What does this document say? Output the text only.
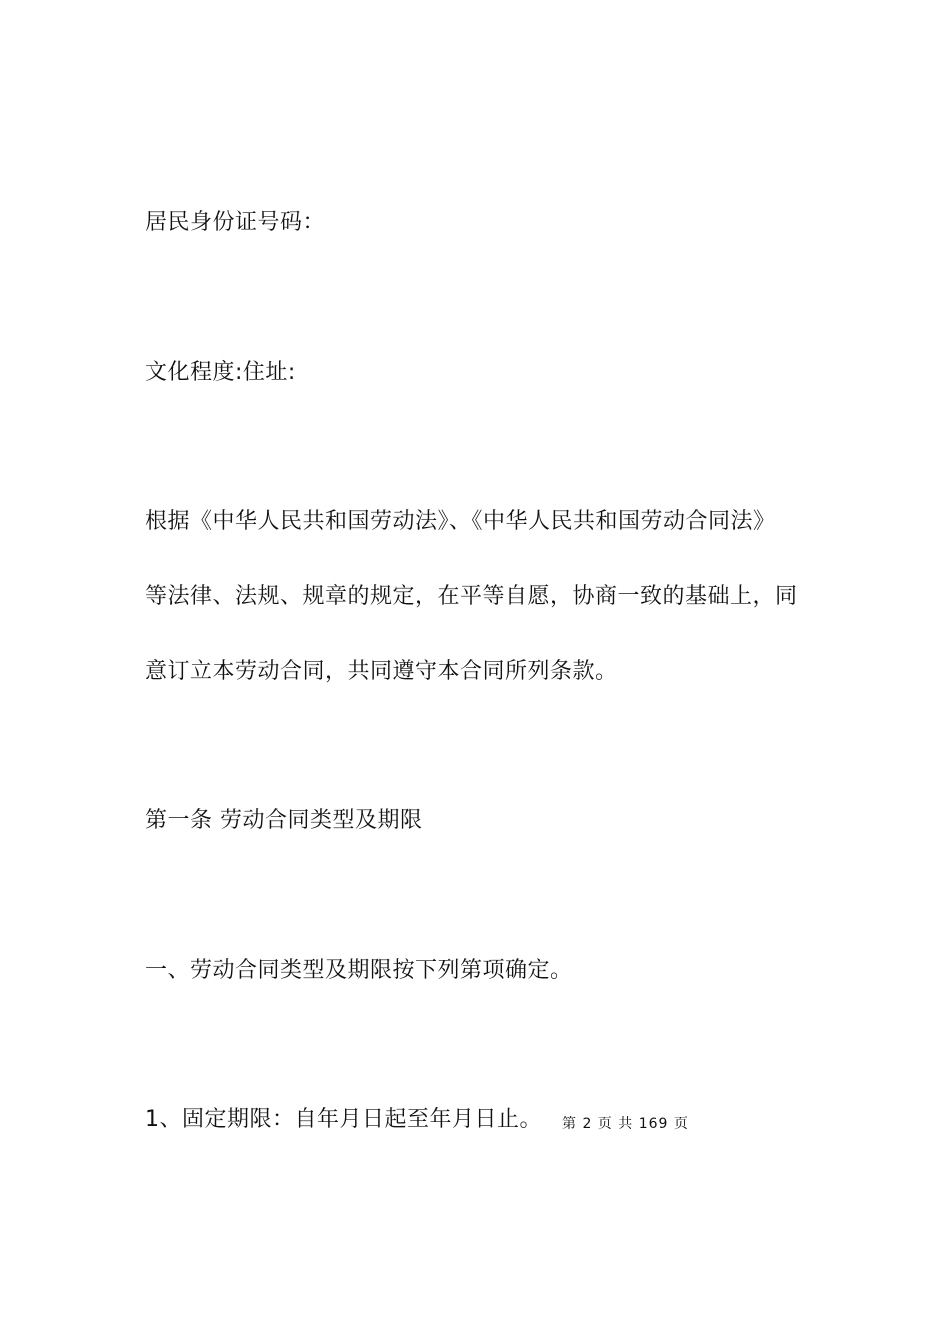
居民身份证号码：
文化程度:住址:
根据《中华人民共和国劳动法》、《中华人民共和国劳动合同法》
等法律、法规、规章的规定，在平等自愿，协商一致的基础上，同
意订立本劳动合同，共同遵守本合同所列条款。
第一条 劳动合同类型及期限
一、劳动合同类型及期限按下列第项确定。
1、固定期限：自年月日起至年月日止。 第 2 页 共 169 页
